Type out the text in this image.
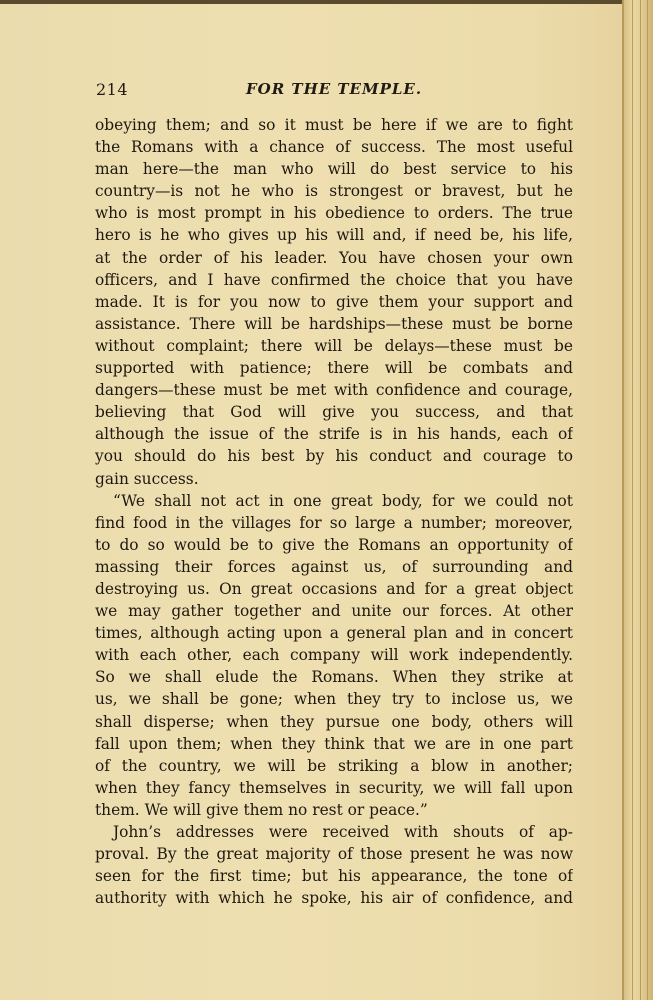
214	FOR THE TEMPLE.
obeying them; and so it must be here if we are to fight
the Romans with a chance of success. The most useful
man here—the man who will do best service to his
country—is not he who is strongest or bravest, but he
who is most prompt in his obedience to orders. The true
hero is he who gives up his will and, if need be, his life,
at the order of his leader. You have chosen your own
officers, and I have confirmed the choice that you have
made. It is for you now to give them your support and
assistance. There will be hardships—these must be borne
without complaint; there will be delays—these must be
supported with patience; there will be combats and
dangers—these must be met with confidence and courage,
believing that God will give you success, and that
although the issue of the strife is in his hands, each of
you should do his best by his conduct and courage to
gain success.
“We shall not act in one great body, for we could not
find food in the villages for so large a number; moreover,
to do so would be to give the Romans an opportunity of
massing their forces against us, of surrounding and
destroying us. On great occasions and for a great object
we may gather together and unite our forces. At other
times, although acting upon a general plan and in concert
with each other, each company will work independently.
So we shall elude the Romans. When they strike at
us, we shall be gone; when they try to inclose us, we
shall disperse; when they pursue one body, others will
fall upon them; when they think that we are in one part
of the country, we will be striking a blow in another;
when they fancy themselves in security, we will fall upon
them. We will give them no rest or peace.”
John’s addresses were received with shouts of ap-
proval. By the great majority of those present he was now
seen for the first time; but his appearance, the tone of
authority with which he spoke, his air of confidence, and
